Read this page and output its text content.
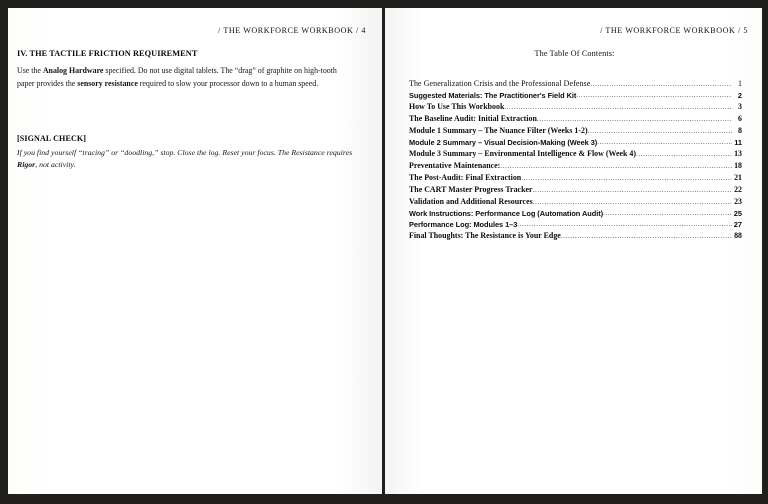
/ THE WORKFORCE WORKBOOK / 4
IV. THE TACTILE FRICTION REQUIREMENT

Use the Analog Hardware specified. Do not use digital tablets. The “drag” of graphite on high-tooth paper provides the sensory resistance required to slow your processor down to a human speed.

[SIGNAL CHECK]

If you find yourself “tracing” or “doodling,” stop. Close the log. Reset your focus. The Resistance requires Rigor, not activity.

/ THE WORKFORCE WORKBOOK / 5
The Table Of Contents:
The Generalization Crisis and the Professional Defense .....	1
Suggested Materials: The Practitioner's Field Kit .....	2
How To Use This Workbook .....	3
The Baseline Audit: Initial Extraction .....	6
Module 1 Summary – The Nuance Filter (Weeks 1-2) .....	8
Module 2 Summary – Visual Decision-Making (Week 3) .....	11
Module 3 Summary – Environmental Intelligence & Flow (Week 4) .....	13
Preventative Maintenance: .....	18
The Post-Audit: Final Extraction .....	21
The CART Master Progress Tracker .....	22
Validation and Additional Resources .....	23
Work Instructions: Performance Log (Automation Audit) .....	25
Performance Log: Modules 1–3 .....	27
Final Thoughts: The Resistance is Your Edge .....	88
